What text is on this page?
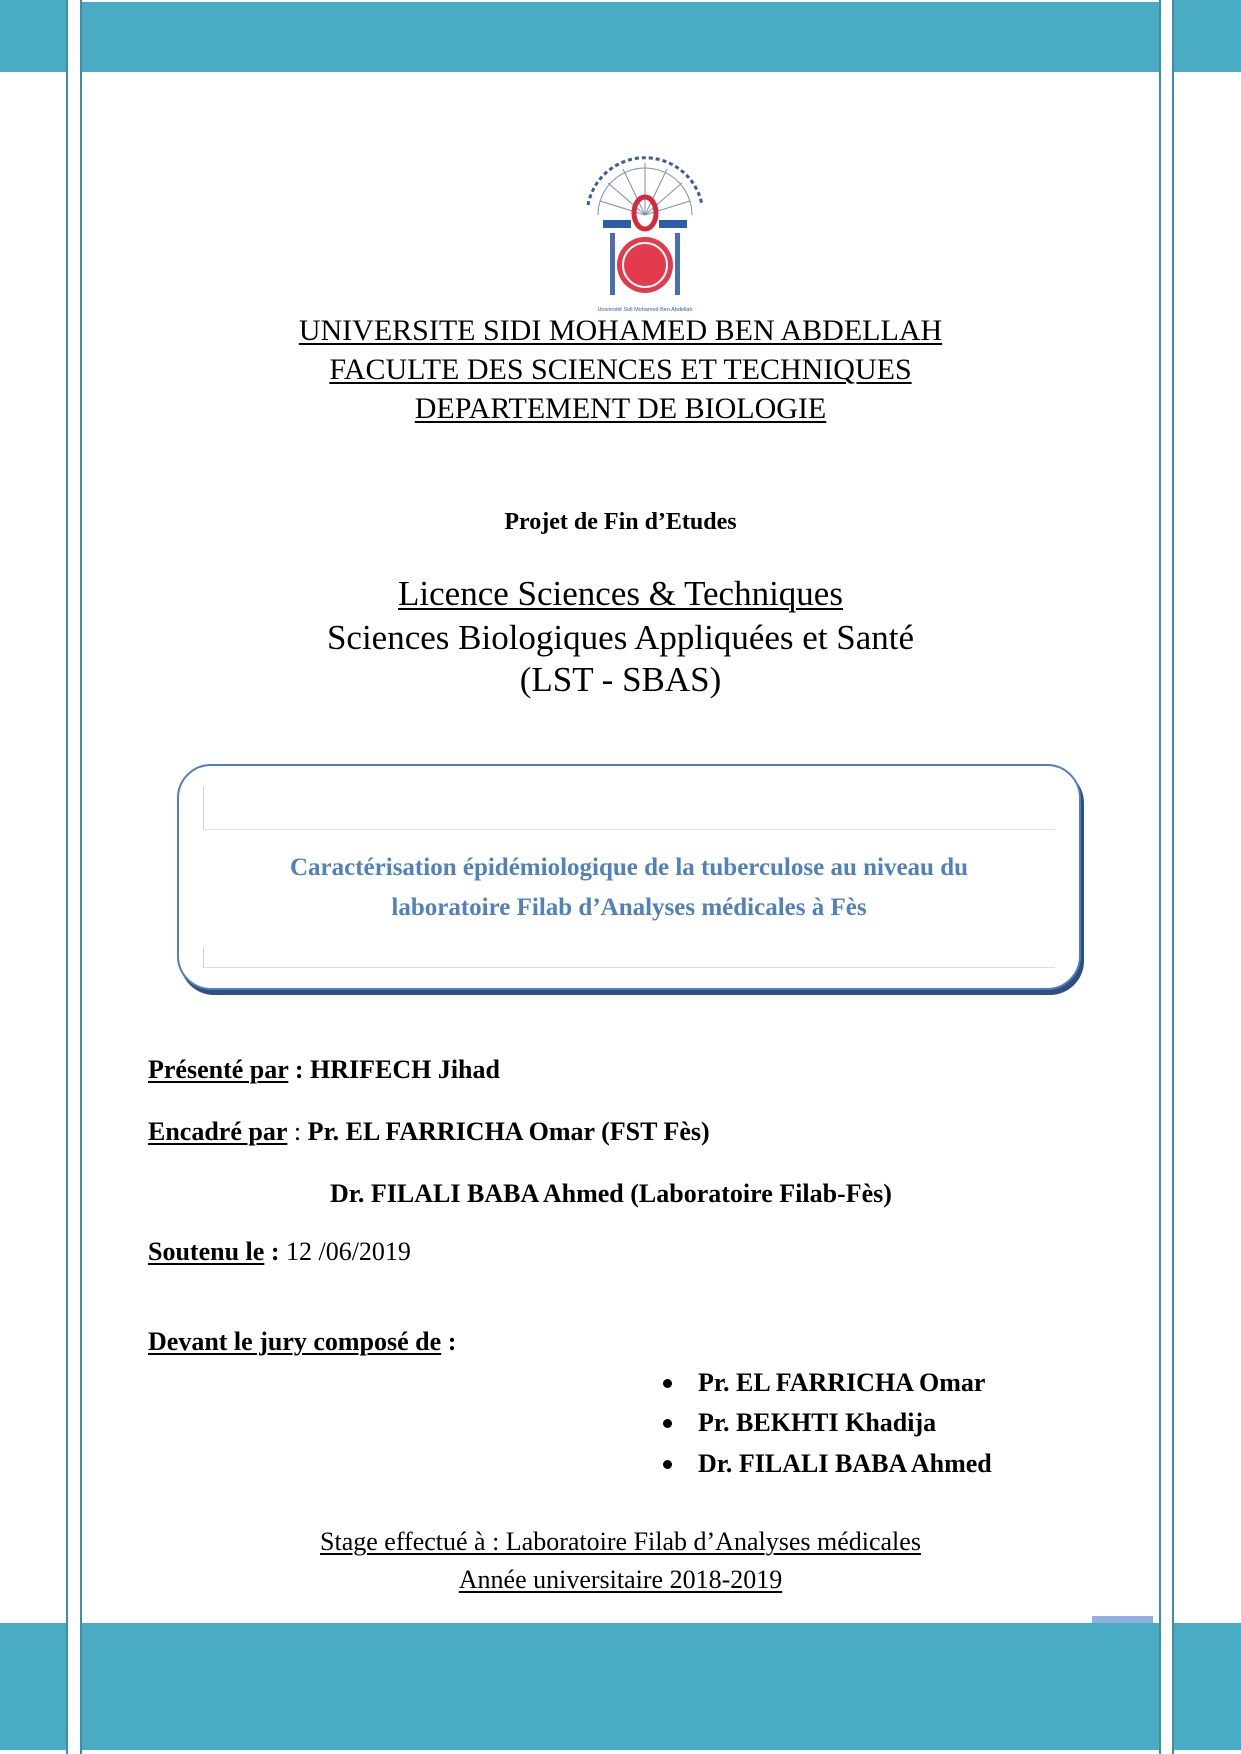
Université Sidi Mohamed Ben Abdellah
UNIVERSITE SIDI MOHAMED BEN ABDELLAH
FACULTE DES SCIENCES ET TECHNIQUES
DEPARTEMENT DE BIOLOGIE
Projet de Fin d’Etudes
Licence Sciences & Techniques
Sciences Biologiques Appliquées et Santé
(LST - SBAS)
Caractérisation épidémiologique de la tuberculose au niveau du
laboratoire Filab d’Analyses médicales à Fès
Présenté par : HRIFECH Jihad
Encadré par : Pr. EL FARRICHA Omar (FST Fès)
Dr. FILALI BABA Ahmed (Laboratoire Filab-Fès)
Soutenu le : 12 /06/2019
Devant le jury composé de :
Pr. EL FARRICHA Omar
Pr. BEKHTI Khadija
Dr. FILALI BABA Ahmed
Stage effectué à : Laboratoire Filab d’Analyses médicales
Année universitaire 2018-2019
